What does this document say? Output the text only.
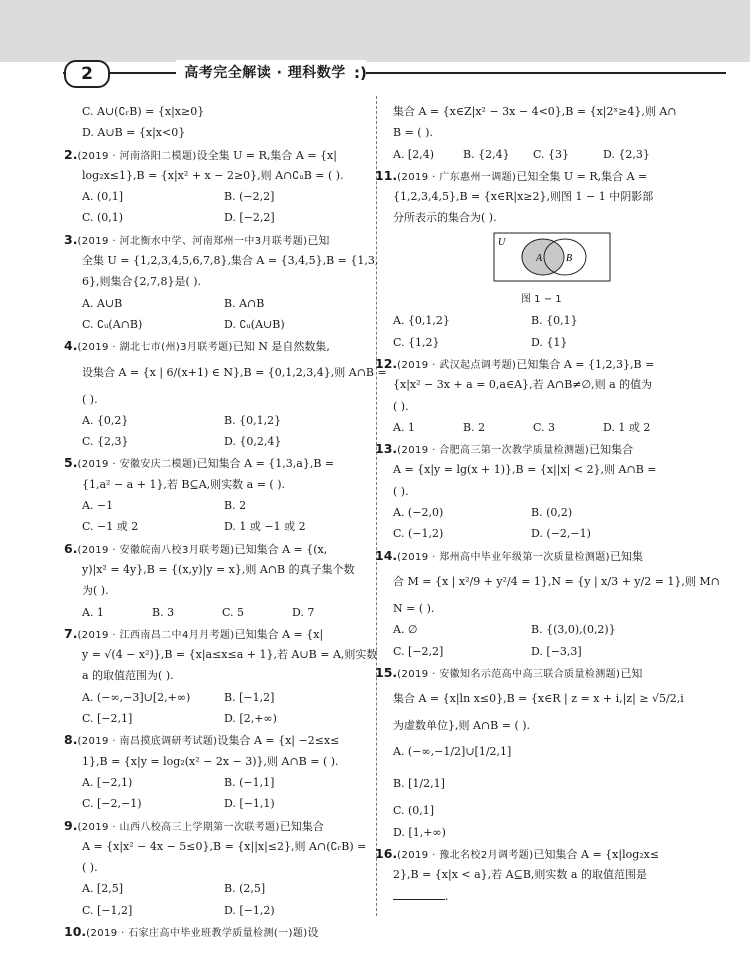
2	高考完全解读 · 理科数学 :)
C. A∪(∁ᵣB) = {x|x≥0}
D. A∪B = {x|x<0}
2.(2019 · 河南洛阳二模题)设全集 U = R,集合 A = {x|
log₂x≤1},B = {x|x² + x − 2≥0},则 A∩∁ᵤB = ( ).
A. (0,1]	B. (−2,2]
C. (0,1)	D. [−2,2]
3.(2019 · 河北衡水中学、河南郑州一中3月联考题)已知
全集 U = {1,2,3,4,5,6,7,8},集合 A = {3,4,5},B = {1,3,
6},则集合{2,7,8}是( ).
A. A∪B	B. A∩B
C. ∁ᵤ(A∩B)	D. ∁ᵤ(A∪B)
4.(2019 · 湖北七市(州)3月联考题)已知 N 是自然数集,
设集合 A = {x | 6/(x+1) ∈ N},B = {0,1,2,3,4},则 A∩B =
( ).
A. {0,2}	B. {0,1,2}
C. {2,3}	D. {0,2,4}
5.(2019 · 安徽安庆二模题)已知集合 A = {1,3,a},B =
{1,a² − a + 1},若 B⊆A,则实数 a = ( ).
A. −1	B. 2
C. −1 或 2	D. 1 或 −1 或 2
6.(2019 · 安徽皖南八校3月联考题)已知集合 A = {(x,
y)|x² = 4y},B = {(x,y)|y = x},则 A∩B 的真子集个数
为( ).
A. 1	B. 3	C. 5	D. 7
7.(2019 · 江西南昌二中4月月考题)已知集合 A = {x|
y = √(4 − x²)},B = {x|a≤x≤a + 1},若 A∪B = A,则实数
a 的取值范围为( ).
A. (−∞,−3]∪[2,+∞)	B. [−1,2]
C. [−2,1]	D. [2,+∞)
8.(2019 · 南昌摸底调研考试题)设集合 A = {x| −2≤x≤
1},B = {x|y = log₂(x² − 2x − 3)},则 A∩B = ( ).
A. [−2,1)	B. (−1,1]
C. [−2,−1)	D. [−1,1)
9.(2019 · 山西八校高三上学期第一次联考题)已知集合
A = {x|x² − 4x − 5≤0},B = {x||x|≤2},则 A∩(∁ᵣB) =
( ).
A. [2,5]	B. (2,5]
C. [−1,2]	D. [−1,2)
10.(2019 · 石家庄高中毕业班教学质量检测(一)题)设
集合 A = {x∈Z|x² − 3x − 4<0},B = {x|2ˣ≥4},则 A∩
B = ( ).
A. [2,4)	B. {2,4}	C. {3}	D. {2,3}
11.(2019 · 广东惠州一调题)已知全集 U = R,集合 A =
{1,2,3,4,5},B = {x∈R|x≥2},则图 1 − 1 中阴影部
分所表示的集合为( ).
U
A B
图 1 − 1
A. {0,1,2}	B. {0,1}
C. {1,2}	D. {1}
12.(2019 · 武汉起点调考题)已知集合 A = {1,2,3},B =
{x|x² − 3x + a = 0,a∈A},若 A∩B≠∅,则 a 的值为
( ).
A. 1	B. 2	C. 3	D. 1 或 2
13.(2019 · 合肥高三第一次教学质量检测题)已知集合
A = {x|y = lg(x + 1)},B = {x||x| < 2},则 A∩B =
( ).
A. (−2,0)	B. (0,2)
C. (−1,2)	D. (−2,−1)
14.(2019 · 郑州高中毕业年级第一次质量检测题)已知集
合 M = {x | x²/9 + y²/4 = 1},N = {y | x/3 + y/2 = 1},则 M∩
N = ( ).
A. ∅	B. {(3,0),(0,2)}
C. [−2,2]	D. [−3,3]
15.(2019 · 安徽知名示范高中高三联合质量检测题)已知
集合 A = {x|ln x≤0},B = {x∈R | z = x + i,|z| ≥ √5/2,i
为虚数单位},则 A∩B = ( ).
A. (−∞,−1/2]∪[1/2,1]
B. [1/2,1]
C. (0,1]
D. [1,+∞)
16.(2019 · 豫北名校2月调考题)已知集合 A = {x|log₂x≤
2},B = {x|x < a},若 A⊆B,则实数 a 的取值范围是
.
